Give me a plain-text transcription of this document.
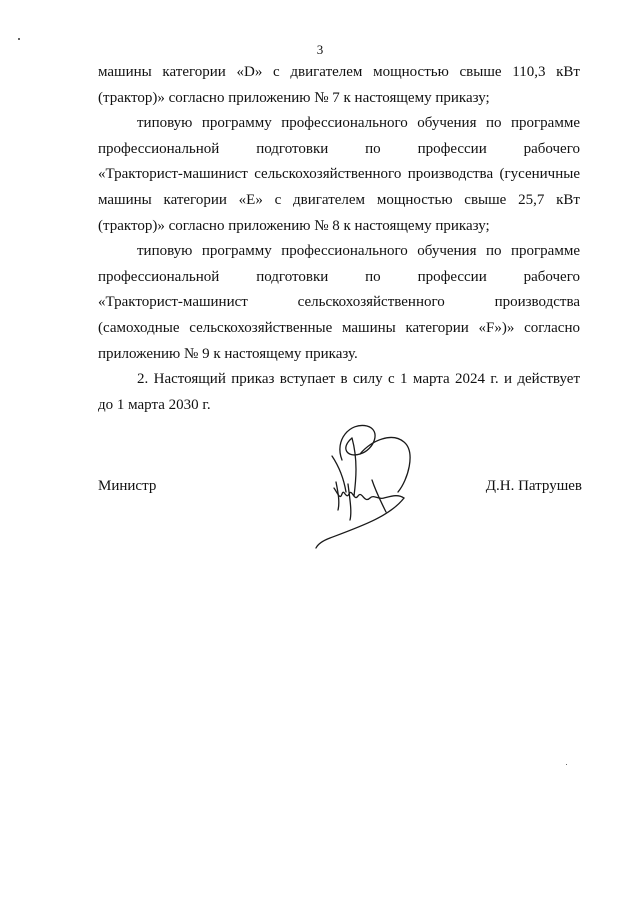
3

машины категории «D» с двигателем мощностью свыше 110,3 кВт

(трактор)» согласно приложению № 7 к настоящему приказу;

типовую программу профессионального обучения по программе

профессиональной подготовки по профессии рабочего

«Тракторист-машинист сельскохозяйственного производства (гусеничные машины категории «E» с двигателем мощностью свыше 25,7 кВт (трактор)» согласно приложению № 8 к настоящему приказу;

типовую программу профессионального обучения по программе

профессиональной подготовки по профессии рабочего

«Тракторист-машинист сельскохозяйственного производства

(самоходные сельскохозяйственные машины категории «F»)» согласно приложению № 9 к настоящему приказу.

2. Настоящий приказ вступает в силу с 1 марта 2024 г. и действует

до 1 марта 2030 г.

Министр	Д.Н. Патрушев
